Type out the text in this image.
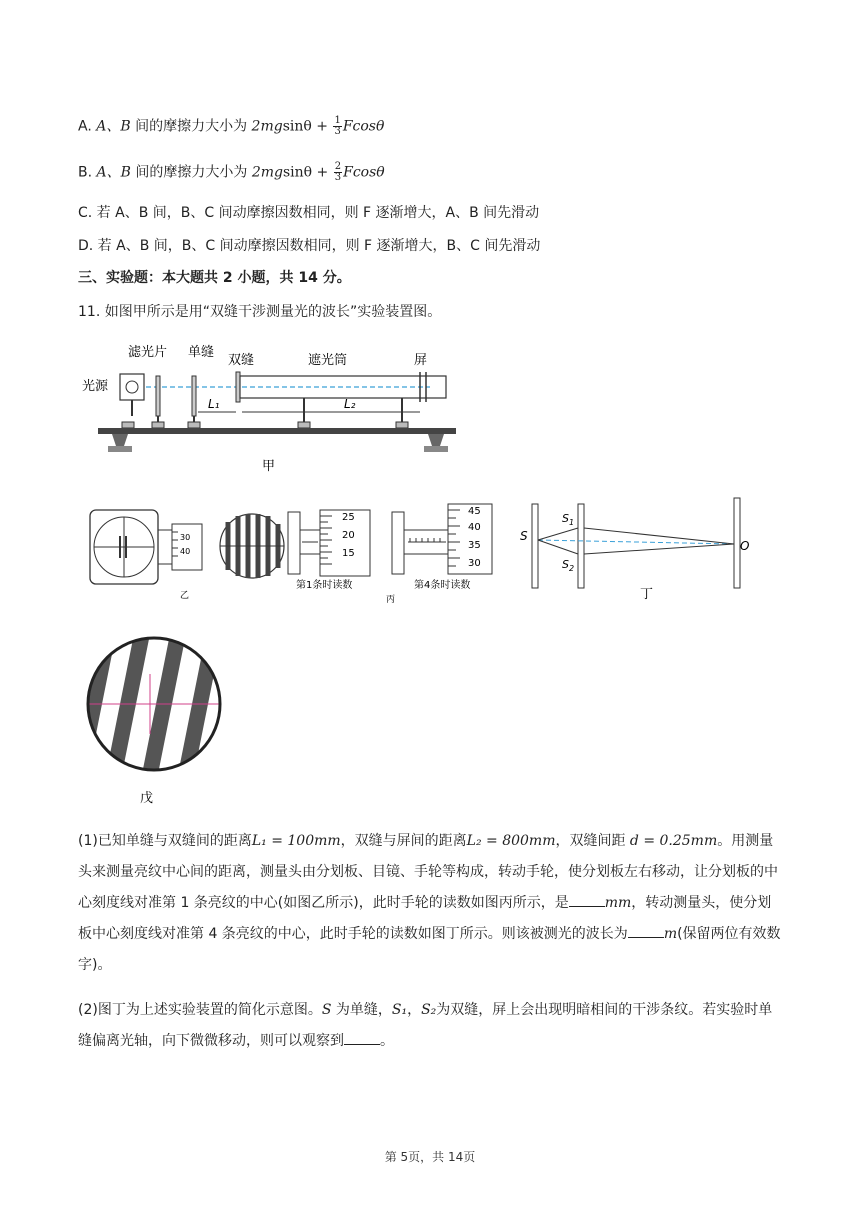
A. A、B 间的摩擦力大小为 $2mgsin\theta + \frac{1}{3}$ Fcosθ
B. A、B 间的摩擦力大小为 $2mgsin\theta + \frac{2}{3}$ Fcosθ
C. 若 A、B 间，B、C 间动摩擦因数相同，则 F 逐渐增大，A、B 间先滑动
D. 若 A、B 间，B、C 间动摩擦因数相同，则 F 逐渐增大，B、C 间先滑动
三、实验题：本大题共 2 小题，共 14 分。
11. 如图甲所示是用“双缝干涉测量光的波长”实验装置图。
滤光片 单缝
双缝	遮光筒	屏
光源
L₁	L₂
甲
30
40
乙
25
20
15
第1条时读数
45
40
35
30
第4条时读数
丙
S
$S_1$
$S_2$
O
丁
戊
(1)已知单缝与双缝间的距离L₁ = 100mm，双缝与屏间的距离L₂ = 800mm，双缝间距 d = 0.25mm。用测量头来测量亮纹中心间的距离，测量头由分划板、目镜、手轮等构成，转动手轮，使分划板左右移动，让分划板的中心刻度线对准第 1 条亮纹的中心(如图乙所示)，此时手轮的读数如图丙所示，是	mm，转动测量头，使分划板中心刻度线对准第 4 条亮纹的中心，此时手轮的读数如图丁所示。则该被测光的波长为	m(保留两位有效数字)。
(2)图丁为上述实验装置的简化示意图。S 为单缝，S₁，S₂为双缝，屏上会出现明暗相间的干涉条纹。若实验时单缝偏离光轴，向下微微移动，则可以观察到	。
第 5页，共 14页
